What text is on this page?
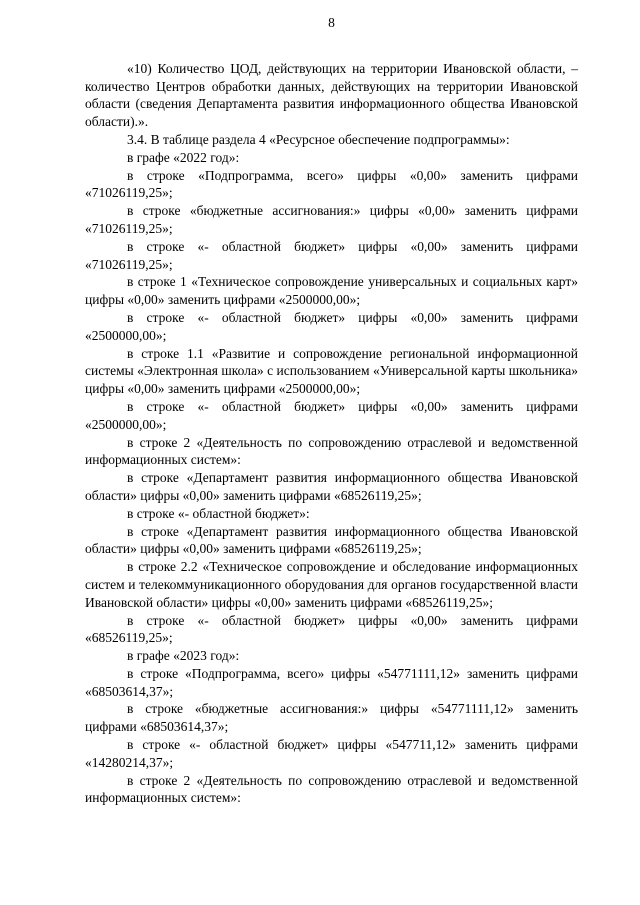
8

«10) Количество ЦОД, действующих на территории Ивановской области, – количество Центров обработки данных, действующих на территории Ивановской области (сведения Департамента развития информационного общества Ивановской области).».

3.4. В таблице раздела 4 «Ресурсное обеспечение подпрограммы»:

в графе «2022 год»:

в строке «Подпрограмма, всего» цифры «0,00» заменить цифрами «71026119,25»;

в строке «бюджетные ассигнования:» цифры «0,00» заменить цифрами «71026119,25»;

в строке «- областной бюджет» цифры «0,00» заменить цифрами «71026119,25»;

в строке 1 «Техническое сопровождение универсальных и социальных карт» цифры «0,00» заменить цифрами «2500000,00»;

в строке «- областной бюджет» цифры «0,00» заменить цифрами «2500000,00»;

в строке 1.1 «Развитие и сопровождение региональной информационной системы «Электронная школа» с использованием «Универсальной карты школьника» цифры «0,00» заменить цифрами «2500000,00»;

в строке «- областной бюджет» цифры «0,00» заменить цифрами «2500000,00»;

в строке 2 «Деятельность по сопровождению отраслевой и ведомственной информационных систем»:

в строке «Департамент развития информационного общества Ивановской области» цифры «0,00» заменить цифрами «68526119,25»;

в строке «- областной бюджет»:

в строке «Департамент развития информационного общества Ивановской области» цифры «0,00» заменить цифрами «68526119,25»;

в строке 2.2 «Техническое сопровождение и обследование информационных систем и телекоммуникационного оборудования для органов государственной власти Ивановской области» цифры «0,00» заменить цифрами «68526119,25»;

в строке «- областной бюджет» цифры «0,00» заменить цифрами «68526119,25»;

в графе «2023 год»:

в строке «Подпрограмма, всего» цифры «54771111,12» заменить цифрами «68503614,37»;

в строке «бюджетные ассигнования:» цифры «54771111,12» заменить цифрами «68503614,37»;

в строке «- областной бюджет» цифры «547711,12» заменить цифрами «14280214,37»;

в строке 2 «Деятельность по сопровождению отраслевой и ведомственной информационных систем»:
